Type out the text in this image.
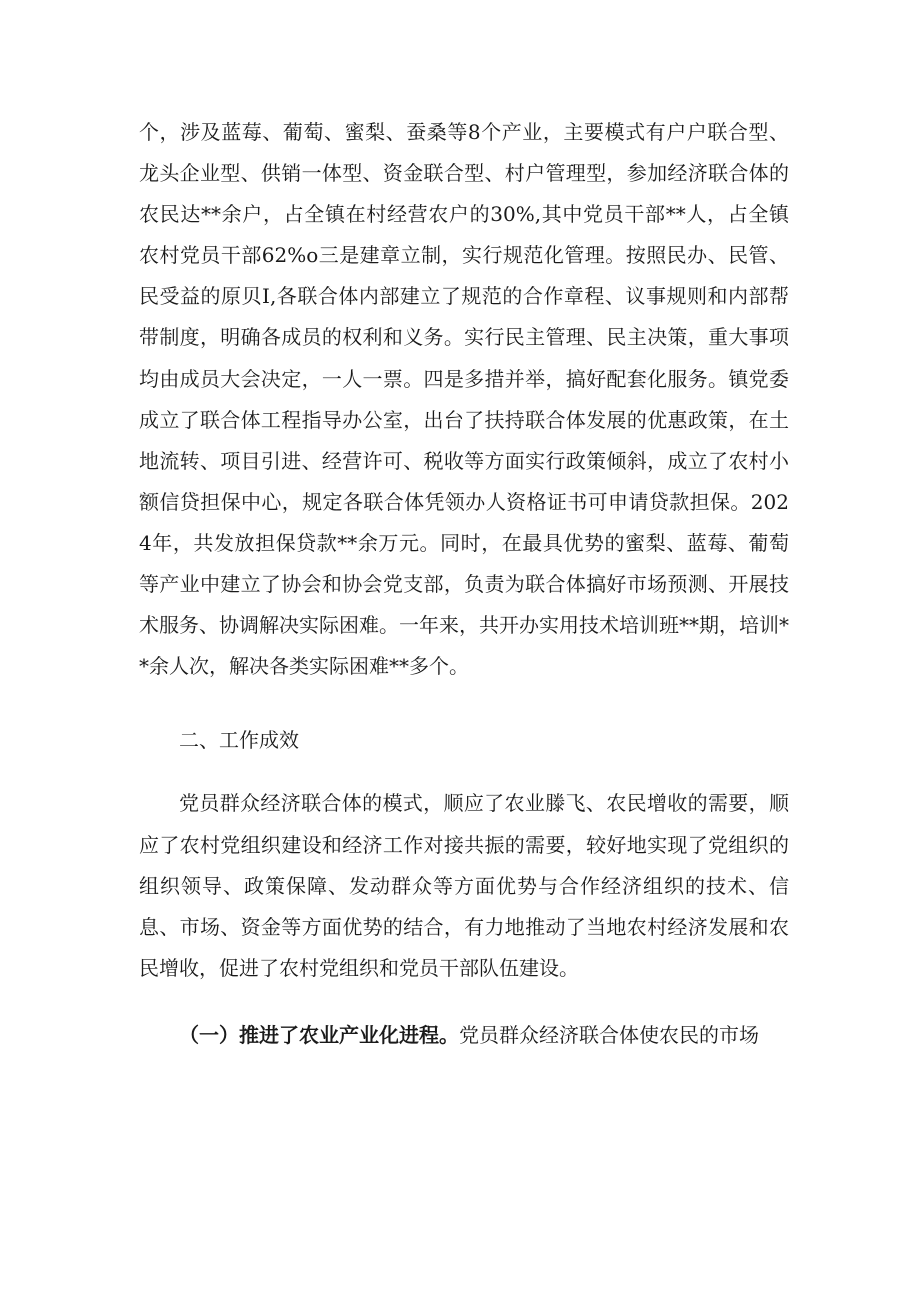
个，涉及蓝莓、葡萄、蜜梨、蚕桑等8个产业，主要模式有户户联合型、龙头企业型、供销一体型、资金联合型、村户管理型，参加经济联合体的农民达**余户，占全镇在村经营农户的30%,其中党员干部**人，占全镇农村党员干部62%o三是建章立制，实行规范化管理。按照民办、民管、民受益的原贝I,各联合体内部建立了规范的合作章程、议事规则和内部帮带制度，明确各成员的权利和义务。实行民主管理、民主决策，重大事项均由成员大会决定，一人一票。四是多措并举，搞好配套化服务。镇党委成立了联合体工程指导办公室，出台了扶持联合体发展的优惠政策，在土地流转、项目引进、经营许可、税收等方面实行政策倾斜，成立了农村小额信贷担保中心，规定各联合体凭领办人资格证书可申请贷款担保。2024年，共发放担保贷款**余万元。同时，在最具优势的蜜梨、蓝莓、葡萄等产业中建立了协会和协会党支部，负责为联合体搞好市场预测、开展技术服务、协调解决实际困难。一年来，共开办实用技术培训班**期，培训**余人次，解决各类实际困难**多个。

二、工作成效

党员群众经济联合体的模式，顺应了农业滕飞、农民增收的需要，顺应了农村党组织建设和经济工作对接共振的需要，较好地实现了党组织的组织领导、政策保障、发动群众等方面优势与合作经济组织的技术、信息、市场、资金等方面优势的结合，有力地推动了当地农村经济发展和农民增收，促进了农村党组织和党员干部队伍建设。

（一）推进了农业产业化进程。党员群众经济联合体使农民的市场
